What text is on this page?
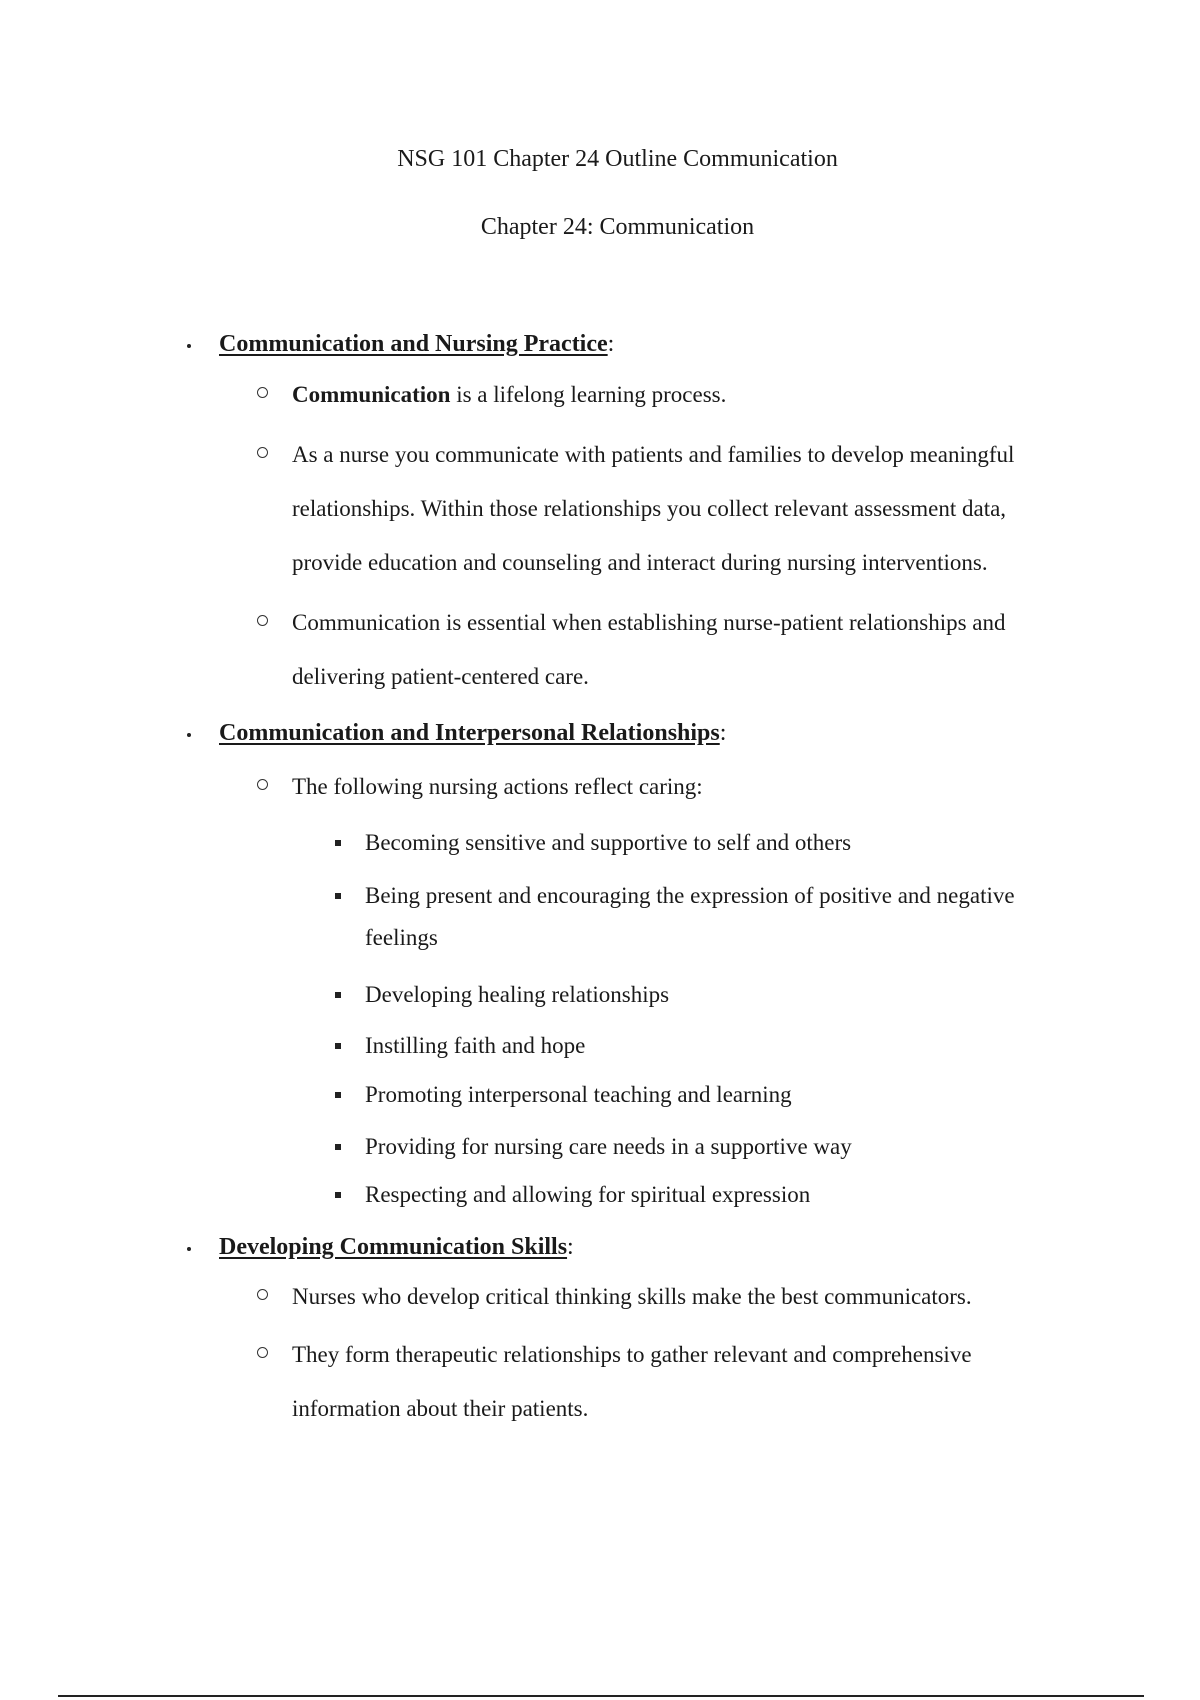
NSG 101 Chapter 24 Outline Communication
Chapter 24: Communication
Communication and Nursing Practice:
Communication is a lifelong learning process.
As a nurse you communicate with patients and families to develop meaningful relationships. Within those relationships you collect relevant assessment data, provide education and counseling and interact during nursing interventions.
Communication is essential when establishing nurse-patient relationships and delivering patient-centered care.
Communication and Interpersonal Relationships:
The following nursing actions reflect caring:
Becoming sensitive and supportive to self and others
Being present and encouraging the expression of positive and negative feelings
Developing healing relationships
Instilling faith and hope
Promoting interpersonal teaching and learning
Providing for nursing care needs in a supportive way
Respecting and allowing for spiritual expression
Developing Communication Skills:
Nurses who develop critical thinking skills make the best communicators.
They form therapeutic relationships to gather relevant and comprehensive information about their patients.
